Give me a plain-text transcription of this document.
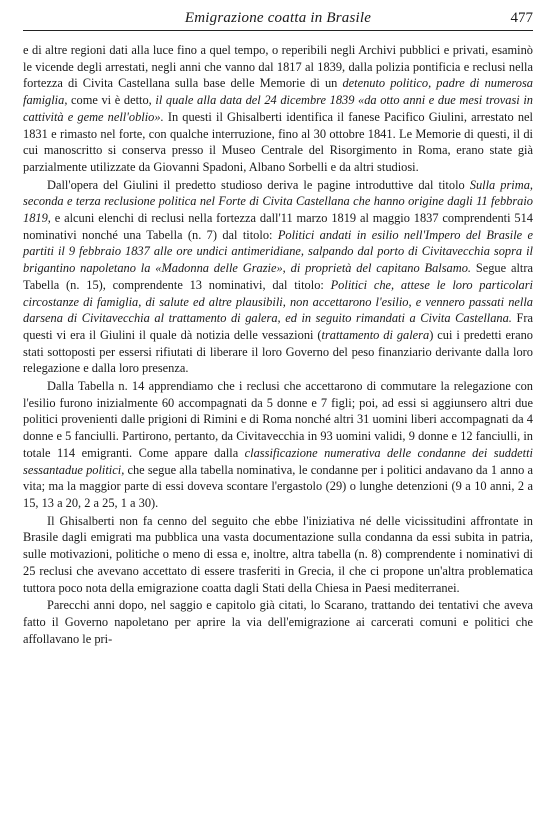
Emigrazione coatta in Brasile	477

e di altre regioni dati alla luce fino a quel tempo, o reperibili negli Archivi pubblici e privati, esaminò le vicende degli arrestati, negli anni che vanno dal 1817 al 1839, dalla polizia pontificia e reclusi nella fortezza di Civita Castellana sulla base delle Memorie di un detenuto politico, padre di numerosa famiglia, come vi è detto, il quale alla data del 24 dicembre 1839 «da otto anni e due mesi trovasi in cattività e geme nell'oblio». In questi il Ghisalberti identifica il fanese Pacifico Giulini, arrestato nel 1831 e rimasto nel forte, con qualche interruzione, fino al 30 ottobre 1841. Le Memorie di questi, il di cui manoscritto si conserva presso il Museo Centrale del Risorgimento in Roma, erano state già parzialmente utilizzate da Giovanni Spadoni, Albano Sorbelli e da altri studiosi.

Dall'opera del Giulini il predetto studioso deriva le pagine introduttive dal titolo Sulla prima, seconda e terza reclusione politica nel Forte di Civita Castellana che hanno origine dagli 11 febbraio 1819, e alcuni elenchi di reclusi nella fortezza dall'11 marzo 1819 al maggio 1837 comprendenti 514 nominativi nonché una Tabella (n. 7) dal titolo: Politici andati in esilio nell'Impero del Brasile e partiti il 9 febbraio 1837 alle ore undici antimeridiane, salpando dal porto di Civitavecchia sopra il brigantino napoletano la «Madonna delle Grazie», di proprietà del capitano Balsamo. Segue altra Tabella (n. 15), comprendente 13 nominativi, dal titolo: Politici che, attese le loro particolari circostanze di famiglia, di salute ed altre plausibili, non accettarono l'esilio, e vennero passati nella darsena di Civitavecchia al trattamento di galera, ed in seguito rimandati a Civita Castellana. Fra questi vi era il Giulini il quale dà notizia delle vessazioni (trattamento di galera) cui i predetti erano stati sottoposti per essersi rifiutati di liberare il loro Governo del peso finanziario derivante dalla loro relegazione e dalla loro presenza.

Dalla Tabella n. 14 apprendiamo che i reclusi che accettarono di commutare la relegazione con l'esilio furono inizialmente 60 accompagnati da 5 donne e 7 figli; poi, ad essi si aggiunsero altri due politici provenienti dalle prigioni di Rimini e di Roma nonché altri 31 uomini liberi accompagnati da 4 donne e 5 fanciulli. Partirono, pertanto, da Civitavecchia in 93 uomini validi, 9 donne e 12 fanciulli, in totale 114 emigranti. Come appare dalla classificazione numerativa delle condanne dei suddetti sessantadue politici, che segue alla tabella nominativa, le condanne per i politici andavano da 1 anno a vita; ma la maggior parte di essi doveva scontare l'ergastolo (29) o lunghe detenzioni (9 a 10 anni, 2 a 15, 13 a 20, 2 a 25, 1 a 30).

Il Ghisalberti non fa cenno del seguito che ebbe l'iniziativa né delle vicissitudini affrontate in Brasile dagli emigrati ma pubblica una vasta documentazione sulla condanna da essi subita in patria, sulle motivazioni, politiche o meno di essa e, inoltre, altra tabella (n. 8) comprendente i nominativi di 25 reclusi che avevano accettato di essere trasferiti in Grecia, il che ci propone un'altra problematica tuttora poco nota della emigrazione coatta dagli Stati della Chiesa in Paesi mediterranei.

Parecchi anni dopo, nel saggio e capitolo già citati, lo Scarano, trattando dei tentativi che aveva fatto il Governo napoletano per aprire la via dell'emigrazione ai carcerati comuni e politici che affollavano le pri-
